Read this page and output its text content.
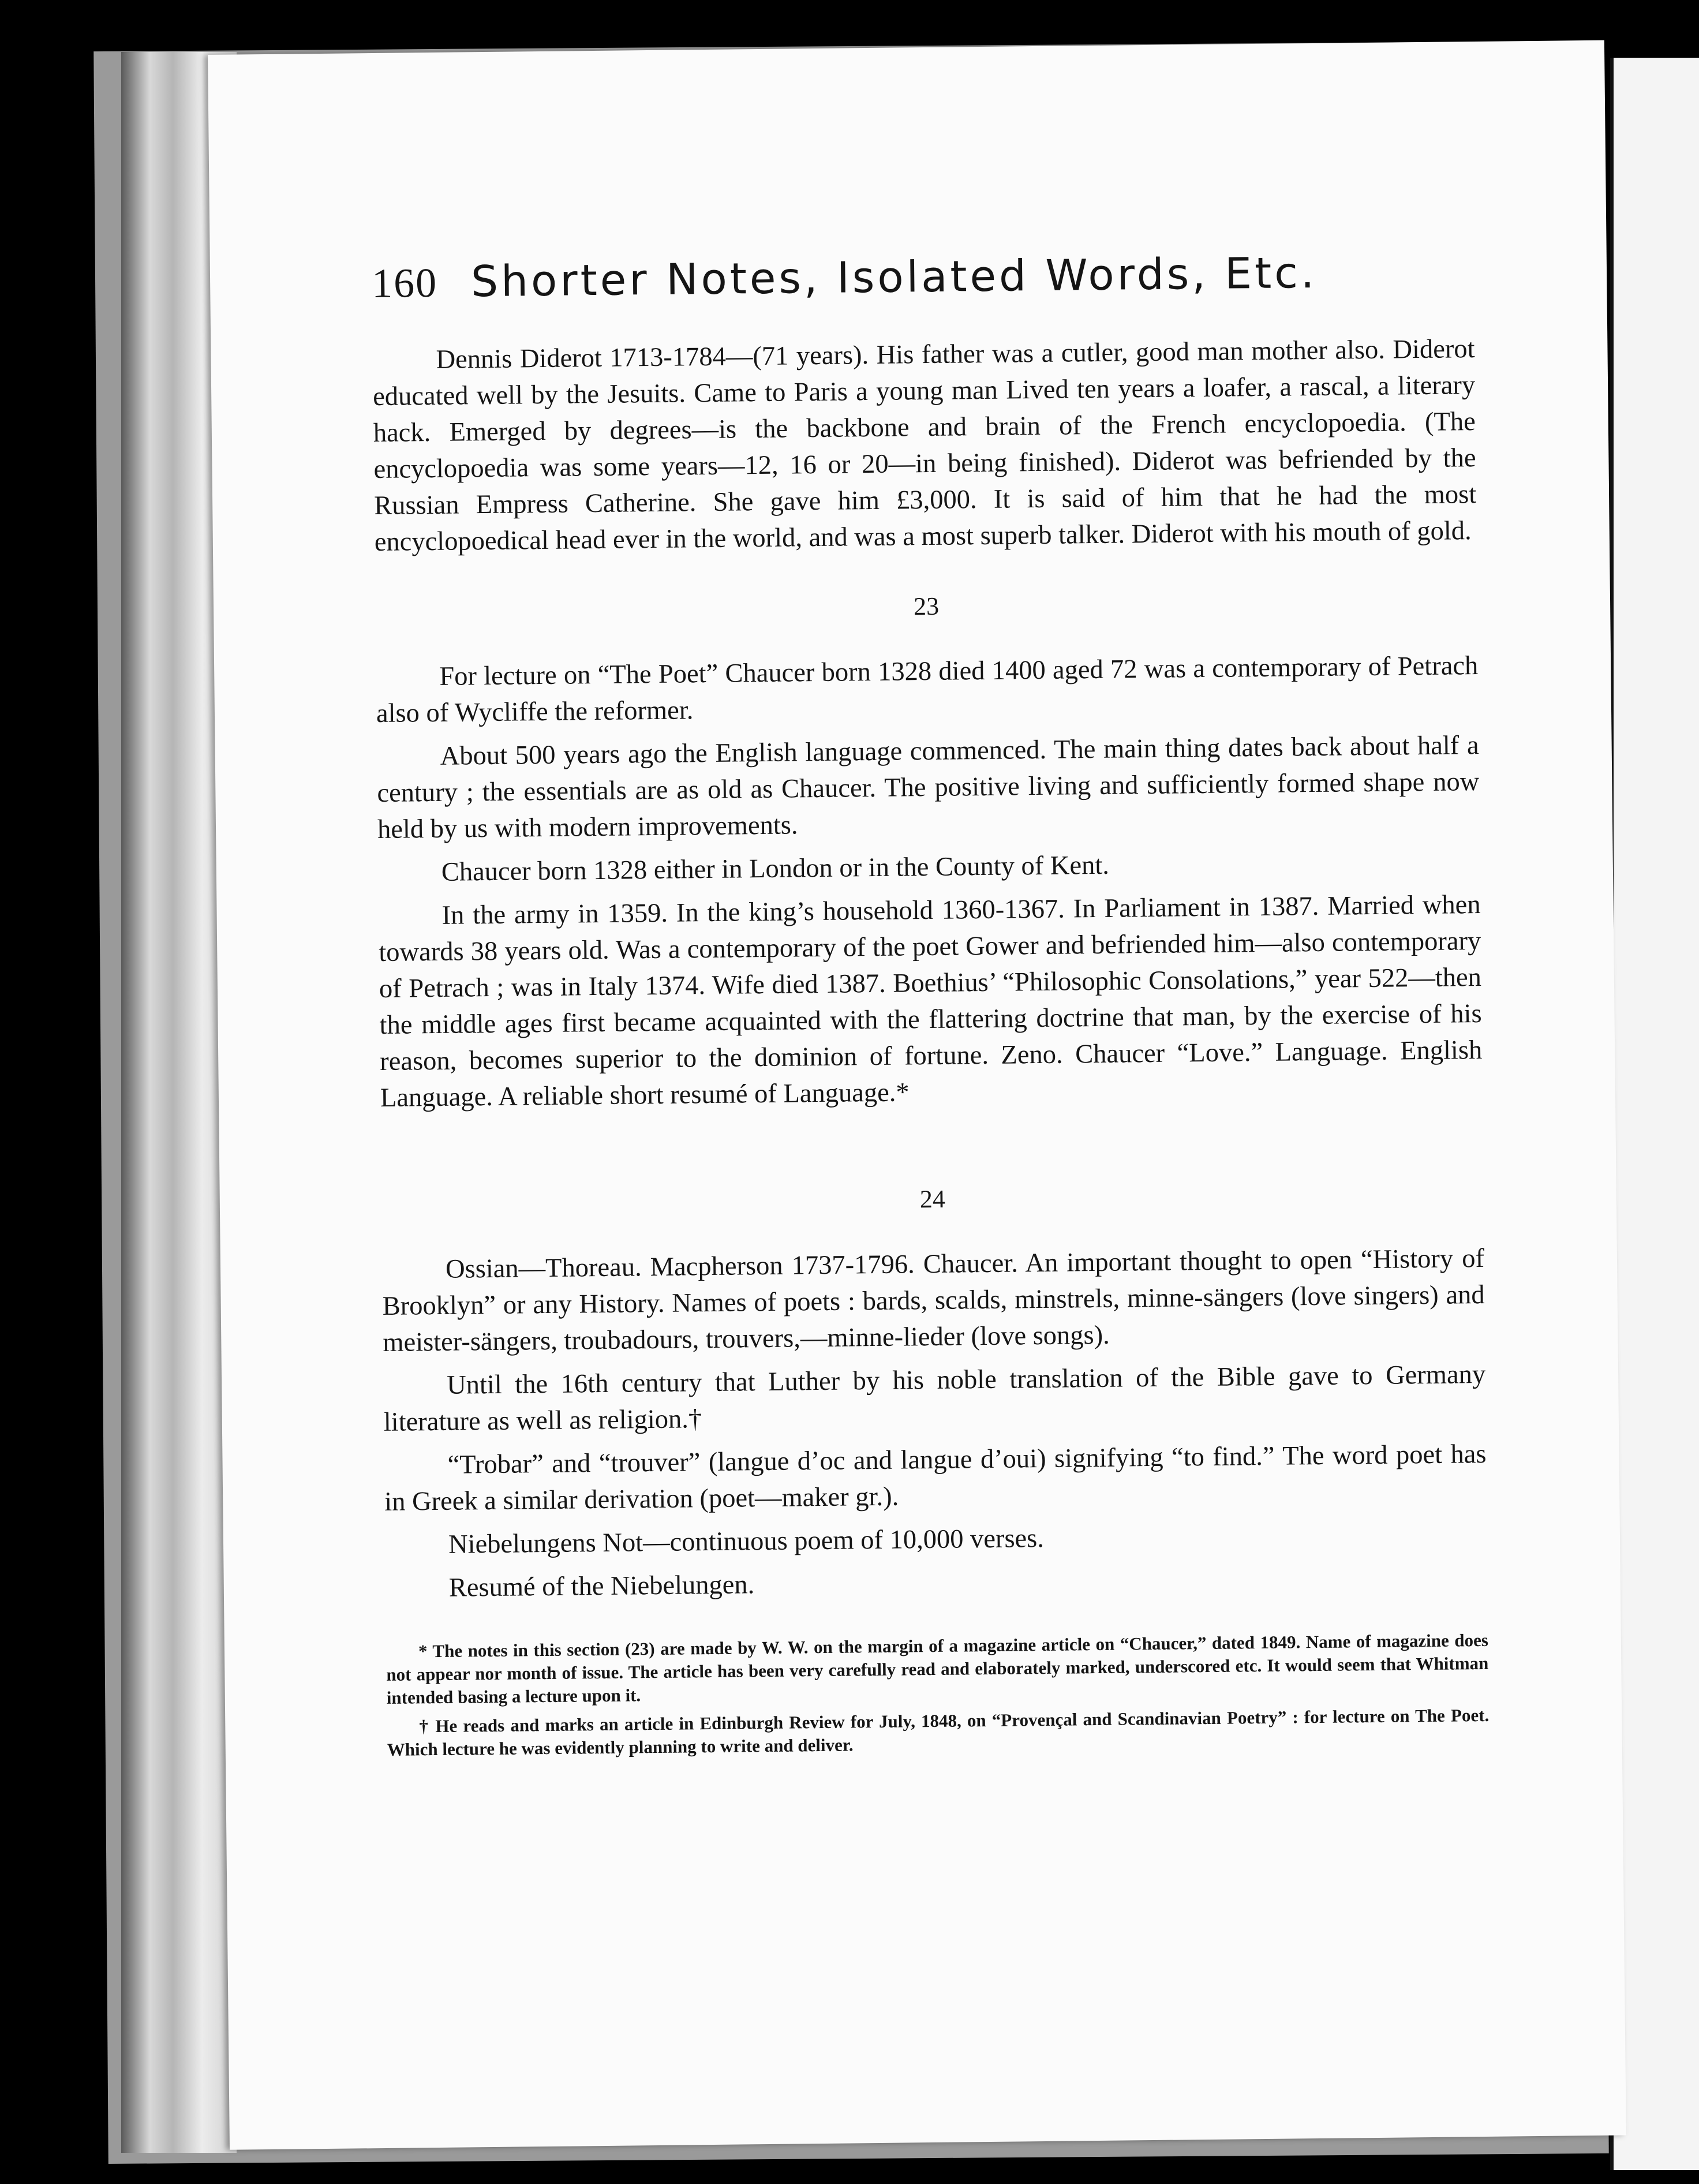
160 Shorter Notes, Isolated Words, Etc.

Dennis Diderot 1713-1784—(71 years). His father was a cutler, good man mother also. Diderot educated well by the Jesuits. Came to Paris a young man Lived ten years a loafer, a rascal, a literary hack. Emerged by degrees—is the backbone and brain of the French encyclopoedia. (The encyclopoedia was some years—12, 16 or 20—in being finished). Diderot was befriended by the Russian Empress Catherine. She gave him £3,000. It is said of him that he had the most encyclopoedical head ever in the world, and was a most superb talker. Diderot with his mouth of gold.

23

For lecture on “The Poet” Chaucer born 1328 died 1400 aged 72 was a contemporary of Petrach also of Wycliffe the reformer.

About 500 years ago the English language commenced. The main thing dates back about half a century ; the essentials are as old as Chaucer. The positive living and sufficiently formed shape now held by us with modern improvements.

Chaucer born 1328 either in London or in the County of Kent.

In the army in 1359. In the king’s household 1360-1367. In Parliament in 1387. Married when towards 38 years old. Was a contemporary of the poet Gower and befriended him—also contemporary of Petrach ; was in Italy 1374. Wife died 1387. Boethius’ “Philosophic Consolations,” year 522—then the middle ages first became acquainted with the flattering doctrine that man, by the exercise of his reason, becomes superior to the dominion of fortune. Zeno. Chaucer “Love.” Language. English Language. A reliable short resumé of Language.*

24

Ossian—Thoreau. Macpherson 1737-1796. Chaucer. An important thought to open “History of Brooklyn” or any History. Names of poets : bards, scalds, minstrels, minne-sängers (love singers) and meister-sängers, troubadours, trouvers,—minne-lieder (love songs).

Until the 16th century that Luther by his noble translation of the Bible gave to Germany literature as well as religion.†

“Trobar” and “trouver” (langue d’oc and langue d’oui) signifying “to find.” The word poet has in Greek a similar derivation (poet—maker gr.).

Niebelungens Not—continuous poem of 10,000 verses.

Resumé of the Niebelungen.

* The notes in this section (23) are made by W. W. on the margin of a magazine article on “Chaucer,” dated 1849. Name of magazine does not appear nor month of issue. The article has been very carefully read and elaborately marked, underscored etc. It would seem that Whitman intended basing a lecture upon it.
† He reads and marks an article in Edinburgh Review for July, 1848, on “Provençal and Scandinavian Poetry” : for lecture on The Poet. Which lecture he was evidently planning to write and deliver.
